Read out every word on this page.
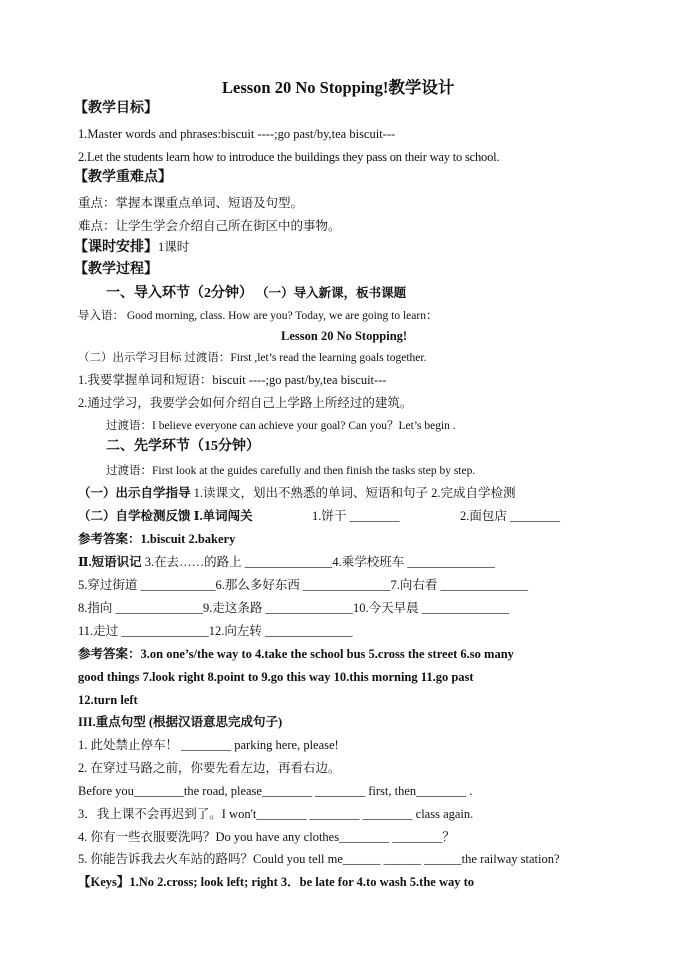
Lesson 20 No Stopping!教学设计
【教学目标】
1.Master words and phrases:biscuit ----;go past/by,tea biscuit---
2.Let the students learn how to introduce the buildings they pass on their way to school.
【教学重难点】
重点：掌握本课重点单词、短语及句型。
难点：让学生学会介绍自己所在街区中的事物。
【课时安排】1课时
【教学过程】
一、导入环节（2分钟） （一）导入新课，板书课题
导入语： Good morning, class. How are you? Today, we are going to learn：
Lesson 20 No Stopping!
（二）出示学习目标 过渡语：First ,let’s read the learning goals together.
1.我要掌握单词和短语：biscuit ----;go past/by,tea biscuit---
2.通过学习，我要学会如何介绍自己上学路上所经过的建筑。
过渡语：I believe everyone can achieve your goal? Can you？Let’s begin .
二、先学环节（15分钟）
过渡语：First look at the guides carefully and then finish the tasks step by step.
（一）出示自学指导 1.读课文，划出不熟悉的单词、短语和句子 2.完成自学检测
（二）自学检测反馈 Ⅰ.单词闯关	1.饼干 ________	2.面包店 ________
参考答案：1.biscuit 2.bakery
Ⅱ.短语识记 3.在去……的路上 ______________4.乘学校班车 ______________
5.穿过街道 ____________6.那么多好东西 ______________7.向右看 ______________
8.指向 ______________9.走这条路 ______________10.今天早晨 ______________
11.走过 ______________12.向左转 ______________
参考答案：3.on one’s/the way to 4.take the school bus 5.cross the street 6.so many
good things 7.look right 8.point to 9.go this way 10.this morning 11.go past
12.turn left
III.重点句型 (根据汉语意思完成句子)
1. 此处禁止停车！ ________ parking here, please!
2. 在穿过马路之前，你要先看左边，再看右边。
Before you________the road, please________ ________ first, then________ .
3．我上课不会再迟到了。I won't________ ________ ________ class again.
4. 你有一些衣服要洗吗？Do you have any clothes________ ________？
5. 你能告诉我去火车站的路吗？Could you tell me______ ______ ______the railway station?
【Keys】1.No 2.cross; look left; right 3．be late for 4.to wash 5.the way to
